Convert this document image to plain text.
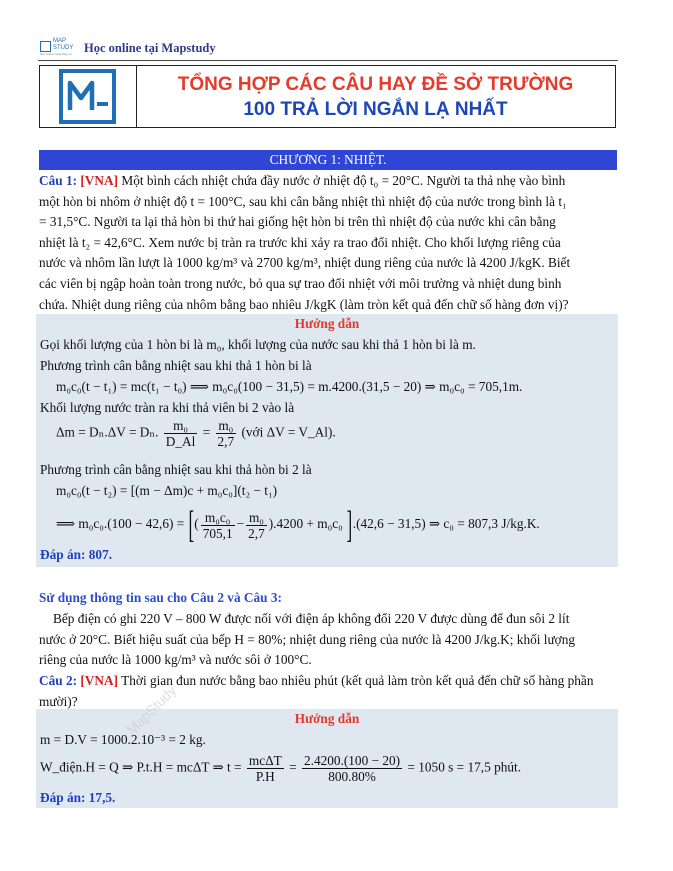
MAP
STUDY
hoc online cung thay co Học online tại Mapstudy
TỔNG HỢP CÁC CÂU HAY ĐỀ SỞ TRƯỜNG
100 TRẢ LỜI NGẮN LẠ NHẤT
CHƯƠNG 1: NHIỆT.

Câu 1: [VNA] Một bình cách nhiệt chứa đầy nước ở nhiệt độ t₀ = 20°C. Người ta thả nhẹ vào bình

một hòn bi nhôm ở nhiệt độ t = 100°C, sau khi cân bằng nhiệt thì nhiệt độ của nước trong bình là t₁

= 31,5°C. Người ta lại thả hòn bi thứ hai giống hệt hòn bi trên thì nhiệt độ của nước khi cân bằng

nhiệt là t₂ = 42,6°C. Xem nước bị tràn ra trước khi xảy ra trao đổi nhiệt. Cho khối lượng riêng của

nước và nhôm lần lượt là 1000 kg/m³ và 2700 kg/m³, nhiệt dung riêng của nước là 4200 J/kgK. Biết

các viên bị ngập hoàn toàn trong nước, bỏ qua sự trao đổi nhiệt với môi trường và nhiệt dung bình

chứa. Nhiệt dung riêng của nhôm bằng bao nhiêu J/kgK (làm tròn kết quả đến chữ số hàng đơn vị)?

Hướng dẫn
Gọi khối lượng của 1 hòn bi là m₀, khối lượng của nước sau khi thả 1 hòn bi là m.
Phương trình cân bằng nhiệt sau khi thả 1 hòn bi là
m₀c₀(t − t₁) = mc(t₁ − t₀) ⟹ m₀c₀(100 − 31,5) = m.4200.(31,5 − 20) ⇒ m₀c₀ = 705,1m.
Khối lượng nước tràn ra khi thả viên bi 2 vào là
Δm = Dₙ.ΔV = Dₙ. $\frac{\text{m₀}}{D\_Al} = \frac{\text{m₀}}{2,7}$ (với ΔV = V_Al).
Phương trình cân bằng nhiệt sau khi thả hòn bi 2 là
m₀c₀(t − t₂) = [(m − Δm)c + m₀c₀](t₂ − t₁)
⟹ m₀c₀.(100 − 42,6) = [( $\frac{\text{m₀c₀}}{705,1} - \frac{\text{m₀}}{2,7} ).4200 + m_0c_0$ ].(42,6 − 31,5) ⇒ c₀ = 807,3 J/kg.K.
Đáp án: 807.
Sử dụng thông tin sau cho Câu 2 và Câu 3:

Bếp điện có ghi 220 V – 800 W được nối với điện áp không đổi 220 V được dùng để đun sôi 2 lít

nước ở 20°C. Biết hiệu suất của bếp H = 80%; nhiệt dung riêng của nước là 4200 J/kg.K; khối lượng

riêng của nước là 1000 kg/m³ và nước sôi ở 100°C.

Câu 2: [VNA] Thời gian đun nước bằng bao nhiêu phút (kết quả làm tròn kết quả đến chữ số hàng phần

mười)?

Hướng dẫn
m = D.V = 1000.2.10⁻³ = 2 kg.
W_điện.H = Q ⇒ P.t.H = mcΔT ⇒ $t = \frac{\text{mcΔT}}{P.H} = \frac{2.4200.(100 - 20)}{800.80\%} = 1050$ s = 17,5 phút.
Đáp án: 17,5.
MapStudy
